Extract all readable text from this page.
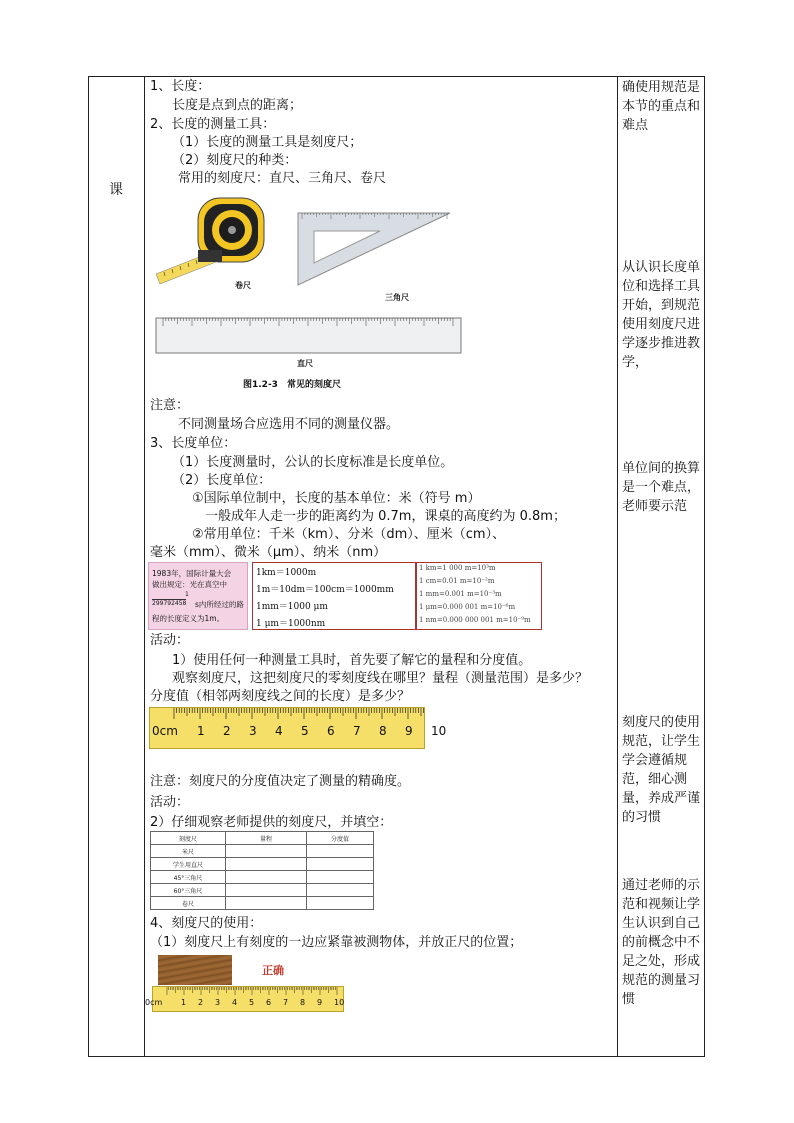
课
确使用规范是本节的重点和难点
从认识长度单位和选择工具开始，到规范使用刻度尺进学逐步推进教学，
单位间的换算是一个难点，老师要示范
刻度尺的使用规范，让学生学会遵循规范，细心测量，养成严谨的习惯
通过老师的示范和视频让学生认识到自己的前概念中不足之处，形成规范的测量习惯
1、长度：
长度是点到点的距离；
2、长度的测量工具：
（1）长度的测量工具是刻度尺；
（2）刻度尺的种类：
常用的刻度尺：直尺、三角尺、卷尺
卷尺
三角尺
直尺
图1.2-3　常见的刻度尺
注意：
不同测量场合应选用不同的测量仪器。
3、长度单位：
（1）长度测量时，公认的长度标准是长度单位。
（2）长度单位：
①国际单位制中，长度的基本单位：米（符号 m）
一般成年人走一步的距离约为 0.7m，课桌的高度约为 0.8m；
②常用单位：千米（km）、分米（dm）、厘米（cm）、
毫米（mm）、微米（μm）、纳米（nm）
1983年，国际计量大会
做出规定：光在真空中
1
299792458 s内所经过的路
程的长度定义为1m。
1km＝1000m
1m＝10dm＝100cm＝1000mm
1mm＝1000 μm
1 μm＝1000nm
1 km=1 000 m=10³m
1 cm=0.01 m=10⁻²m
1 mm=0.001 m=10⁻³m
1 μm=0.000 001 m=10⁻⁶m
1 nm=0.000 000 001 m=10⁻⁹m
活动：
1）使用任何一种测量工具时，首先要了解它的量程和分度值。
观察刻度尺，这把刻度尺的零刻度线在哪里？量程（测量范围）是多少？
分度值（相邻两刻度线之间的长度）是多少？
0cm 1 2 3 4 5 6 7 8 9 10
注意：刻度尺的分度值决定了测量的精确度。
活动：
2）仔细观察老师提供的刻度尺，并填空：
刻度尺	量程	分度值
米尺		
学生用直尺		
45°三角尺		
60°三角尺		
卷尺		
4、刻度尺的使用：
（1）刻度尺上有刻度的一边应紧靠被测物体，并放正尺的位置；
正确
0cm 1 2 3 4 5 6 7 8 9 10
